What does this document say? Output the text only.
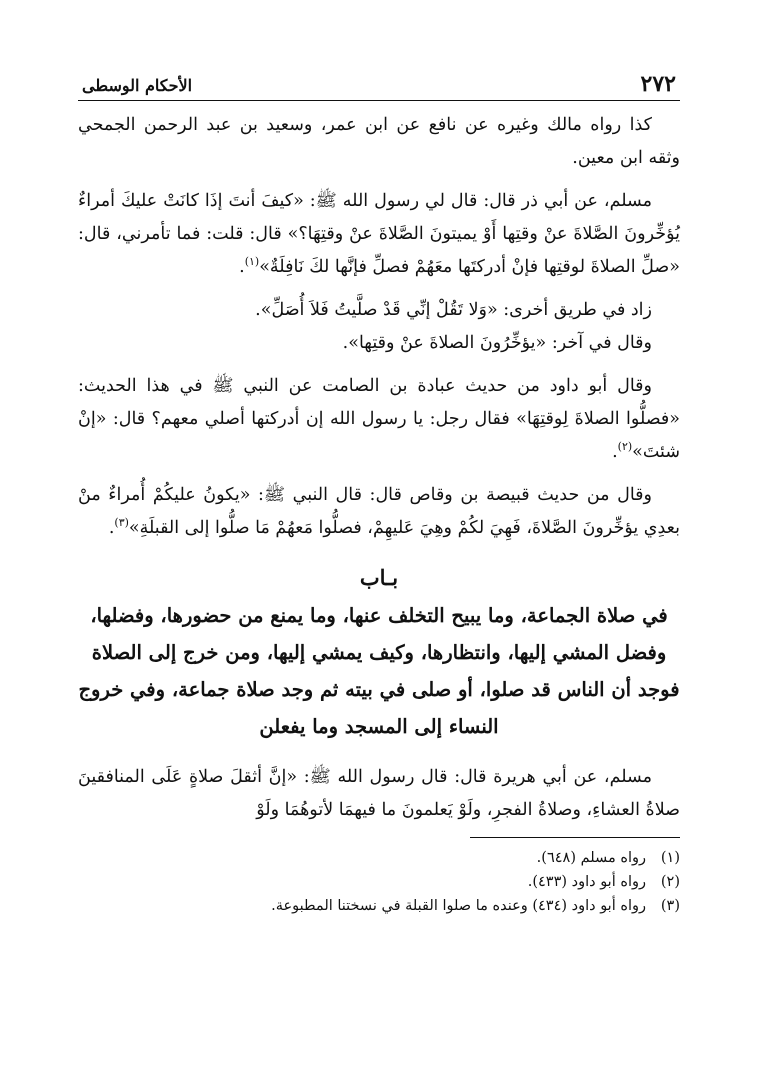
٢٧٢
الأحكام الوسطى

كذا رواه مالك وغيره عن نافع عن ابن عمر، وسعيد بن عبد الرحمن الجمحي وثقه ابن معين.

مسلم، عن أبي ذر قال: قال لي رسول الله ﷺ: «كيفَ أنتَ إذَا كانَتْ عليكَ أمراءٌ يُؤخِّرونَ الصَّلاةَ عنْ وقتِها أَوْ يميتونَ الصَّلاةَ عنْ وقتِهَا؟» قال: قلت: فما تأمرني، قال: «صلِّ الصلاةَ لوقتِها فإنْ أدركتَها معَهُمْ فصلِّ فإنَّها لكَ نَافِلَةٌ»$^{(١)}$.

زاد في طريق أخرى: «وَلا تَقُلْ إنِّي قَدْ صلَّيتُ فَلاَ أُصَلِّ».

وقال في آخر: «يؤخِّرُونَ الصلاةَ عنْ وقتِها».

وقال أبو داود من حديث عبادة بن الصامت عن النبي ﷺ في هذا الحديث: «فصلُّوا الصلاةَ لِوقتِهَا» فقال رجل: يا رسول الله إن أدركتها أصلي معهم؟ قال: «إنْ شئتَ»$^{(٢)}$.

وقال من حديث قبيصة بن وقاص قال: قال النبي ﷺ: «يكونُ عليكُمْ أُمراءٌ منْ بعدِي يؤخِّرونَ الصَّلاةَ، فَهِيَ لكُمْ وهِيَ عَليهِمْ، فصلُّوا مَعهُمْ مَا صلُّوا إلى القبلَةِ»$^{(٣)}$.

بـاب
في صلاة الجماعة، وما يبيح التخلف عنها، وما يمنع من حضورها، وفضلها، وفضل المشي إليها، وانتظارها، وكيف يمشي إليها، ومن خرج إلى الصلاة فوجد أن الناس قد صلوا، أو صلى في بيته ثم وجد صلاة جماعة، وفي خروج النساء إلى المسجد وما يفعلن

مسلم، عن أبي هريرة قال: قال رسول الله ﷺ: «إنَّ أثقلَ صلاةٍ عَلَى المنافقينَ صلاةُ العشاءِ، وصلاةُ الفجرِ، ولَوْ يَعلمونَ ما فيهمَا لأتوهُمَا ولَوْ

(١)
رواه مسلم (٦٤٨).

(٢)
رواه أبو داود (٤٣٣).

(٣)
رواه أبو داود (٤٣٤) وعنده ما صلوا القبلة في نسختنا المطبوعة.
